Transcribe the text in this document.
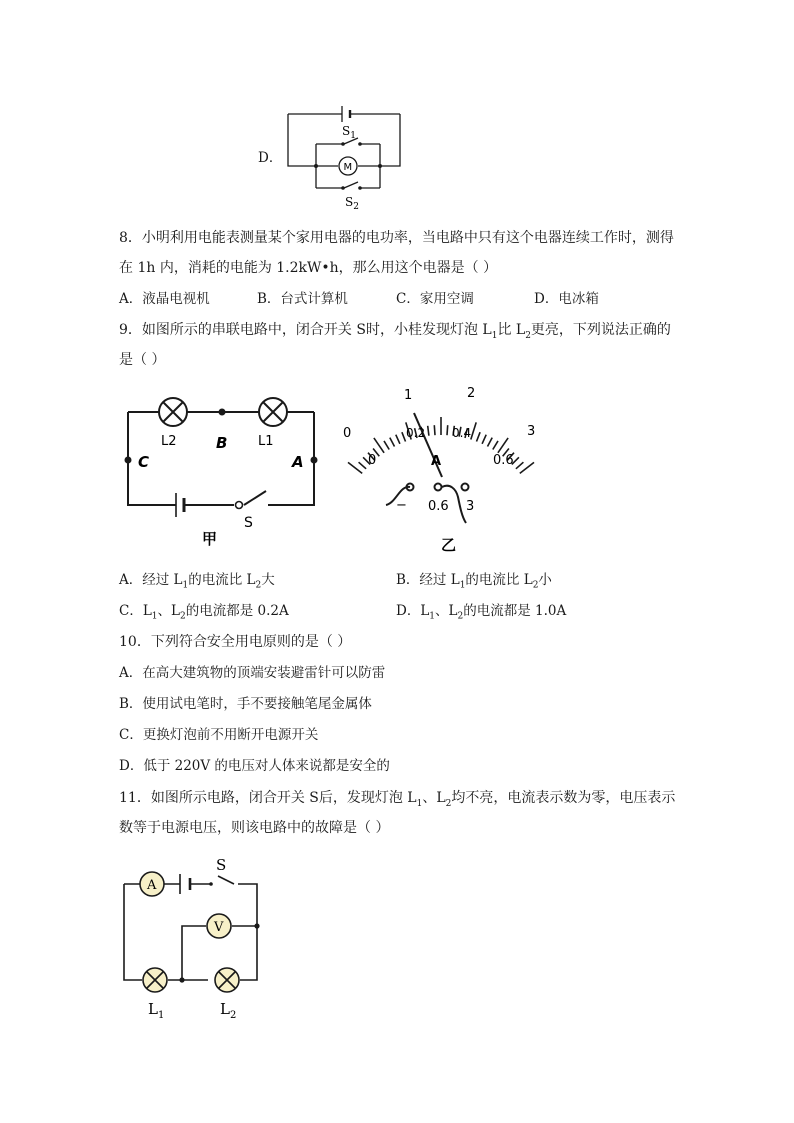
D．
$S_1$
M
$S_2$
8．小明利用电能表测量某个家用电器的电功率，当电路中只有这个电器连续工作时，测得
在 1h 内，消耗的电能为 1.2kW•h，那么用这个电器是（ ）
A．液晶电视机	B．台式计算机	C．家用空调	D．电冰箱
9．如图所示的串联电路中，闭合开关 S时，小桂发现灯泡 $L_1$比 $L_2$更亮，下列说法正确的
是（ ）
L2	B L1
C	A
S
甲
0
1	2
3
0
0.2 0.4
0.6
A
− 0.6 3
乙
A．经过 $L_1$的电流比 $L_2$大	B．经过 $L_1$的电流比 $L_2$小
C．$L_1$、$L_2$的电流都是 0.2A	D．$L_1$、$L_2$的电流都是 1.0A
10．下列符合安全用电原则的是（ ）
A．在高大建筑物的顶端安装避雷针可以防雷
B．使用试电笔时，手不要接触笔尾金属体
C．更换灯泡前不用断开电源开关
D．低于 220V 的电压对人体来说都是安全的
11．如图所示电路，闭合开关 S后，发现灯泡 $L_1$、$L_2$均不亮，电流表示数为零，电压表示
数等于电源电压，则该电路中的故障是（ ）
A
V
S
$L_1$	$L_2$
